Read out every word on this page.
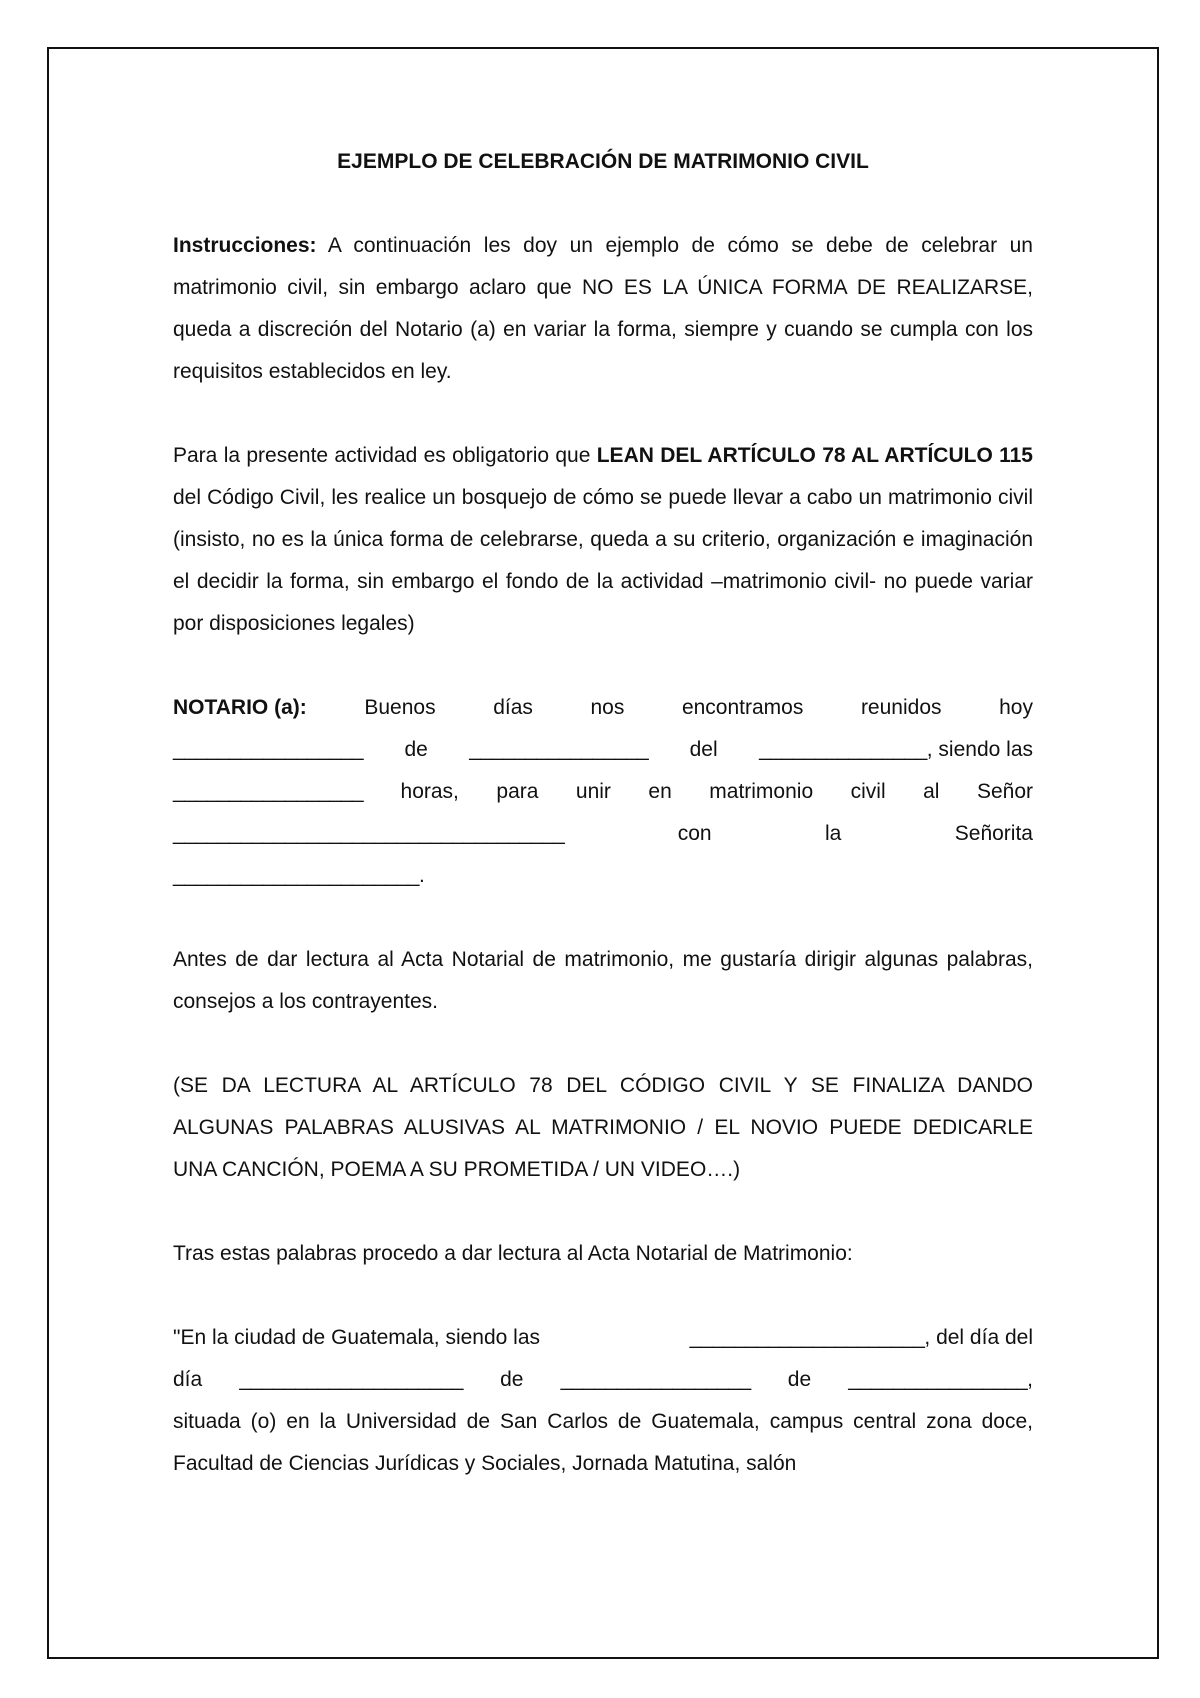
EJEMPLO DE CELEBRACIÓN DE MATRIMONIO CIVIL

Instrucciones: A continuación les doy un ejemplo de cómo se debe de celebrar un matrimonio civil, sin embargo aclaro que NO ES LA ÚNICA FORMA DE REALIZARSE, queda a discreción del Notario (a) en variar la forma, siempre y cuando se cumpla con los requisitos establecidos en ley.

Para la presente actividad es obligatorio que LEAN DEL ARTÍCULO 78 AL ARTÍCULO 115 del Código Civil, les realice un bosquejo de cómo se puede llevar a cabo un matrimonio civil (insisto, no es la única forma de celebrarse, queda a su criterio, organización e imaginación el decidir la forma, sin embargo el fondo de la actividad –matrimonio civil- no puede variar por disposiciones legales)

NOTARIO (a):	Buenos	días	nos	encontramos	reunidos	hoy
_________________ de ________________ del _______________, siendo las
_________________ horas, para unir en matrimonio civil al Señor
___________________________________	con	la	Señorita
______________________.

Antes de dar lectura al Acta Notarial de matrimonio, me gustaría dirigir algunas palabras, consejos a los contrayentes.

(SE DA LECTURA AL ARTÍCULO 78 DEL CÓDIGO CIVIL Y SE FINALIZA DANDO ALGUNAS PALABRAS ALUSIVAS AL MATRIMONIO / EL NOVIO PUEDE DEDICARLE UNA CANCIÓN, POEMA A SU PROMETIDA / UN VIDEO….)

Tras estas palabras procedo a dar lectura al Acta Notarial de Matrimonio:

"En la ciudad de Guatemala, siendo las	_____________________, del día del
día ____________________ de _________________ de ________________,

situada (o) en la Universidad de San Carlos de Guatemala, campus central zona doce, Facultad de Ciencias Jurídicas y Sociales, Jornada Matutina, salón
